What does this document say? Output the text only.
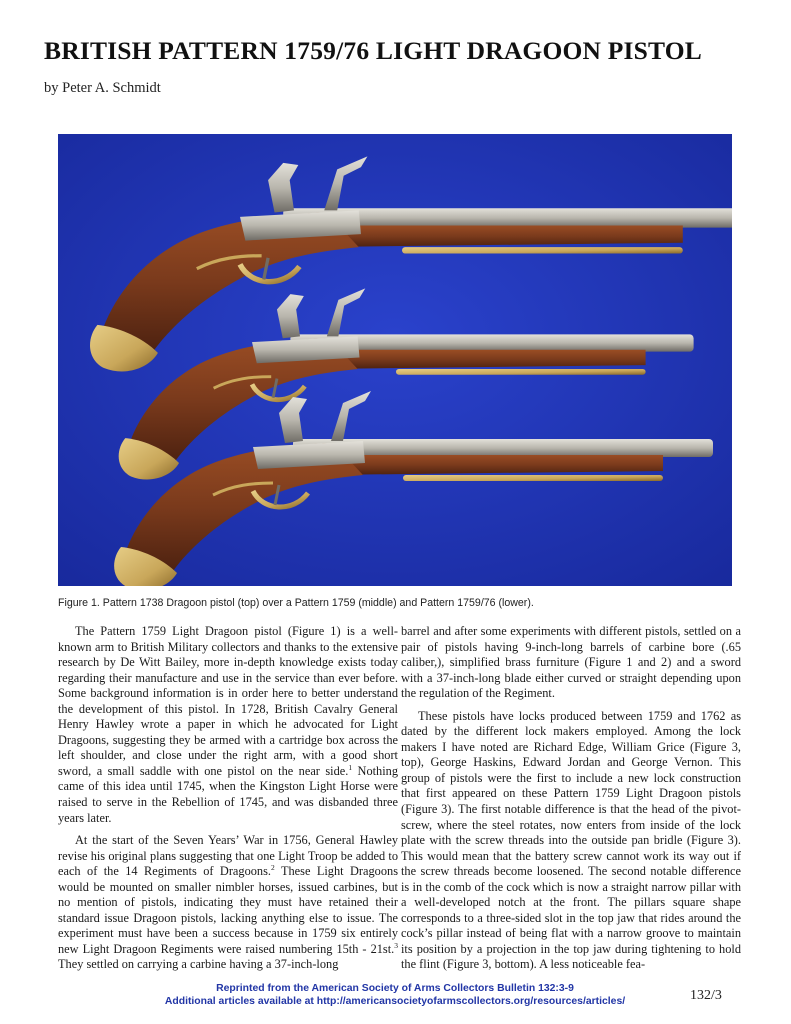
BRITISH PATTERN 1759/76 LIGHT DRAGOON PISTOL
by Peter A. Schmidt
Figure 1. Pattern 1738 Dragoon pistol (top) over a Pattern 1759 (middle) and Pattern 1759/76 (lower).

The Pattern 1759 Light Dragoon pistol (Figure 1) is a well-known arm to British Military collectors and thanks to the extensive research by De Witt Bailey, more in-depth knowledge exists today regarding their manufacture and use in the service than ever before. Some background information is in order here to better understand the development of this pistol. In 1728, British Cavalry General Henry Hawley wrote a paper in which he advocated for Light Dragoons, suggesting they be armed with a cartridge box across the left shoulder, and close under the right arm, with a good short sword, a small saddle with one pistol on the near side.$^1$ Nothing came of this idea until 1745, when the Kingston Light Horse were raised to serve in the Rebellion of 1745, and was disbanded three years later.

At the start of the Seven Years’ War in 1756, General Hawley revise his original plans suggesting that one Light Troop be added to each of the 14 Regiments of Dragoons.$^2$ These Light Dragoons would be mounted on smaller nimbler horses, issued carbines, but no mention of pistols, indicating they must have retained their standard issue Dragoon pistols, lacking anything else to issue. The experiment must have been a success because in 1759 six entirely new Light Dragoon Regiments were raised numbering 15th - 21st.$^3$ They settled on carrying a carbine having a 37-inch-long

barrel and after some experiments with different pistols, settled on a pair of pistols having 9-inch-long barrels of carbine bore (.65 caliber,), simplified brass furniture (Figure 1 and 2) and a sword with a 37-inch-long blade either curved or straight depending upon the regulation of the Regiment.

These pistols have locks produced between 1759 and 1762 as dated by the different lock makers employed. Among the lock makers I have noted are Richard Edge, William Grice (Figure 3, top), George Haskins, Edward Jordan and George Vernon. This group of pistols were the first to include a new lock construction that first appeared on these Pattern 1759 Light Dragoon pistols (Figure 3). The first notable difference is that the head of the pivot-screw, where the steel rotates, now enters from inside of the lock plate with the screw threads into the outside pan bridle (Figure 3). This would mean that the battery screw cannot work its way out if the screw threads become loosened. The second notable difference is in the comb of the cock which is now a straight narrow pillar with a well-developed notch at the front. The pillars square shape corresponds to a three-sided slot in the top jaw that rides around the cock’s pillar instead of being flat with a narrow groove to maintain its position by a projection in the top jaw during tightening to hold the flint (Figure 3, bottom). A less noticeable fea-

Reprinted from the American Society of Arms Collectors Bulletin 132:3-9
Additional articles available at http://americansocietyofarmscollectors.org/resources/articles/	132/3
